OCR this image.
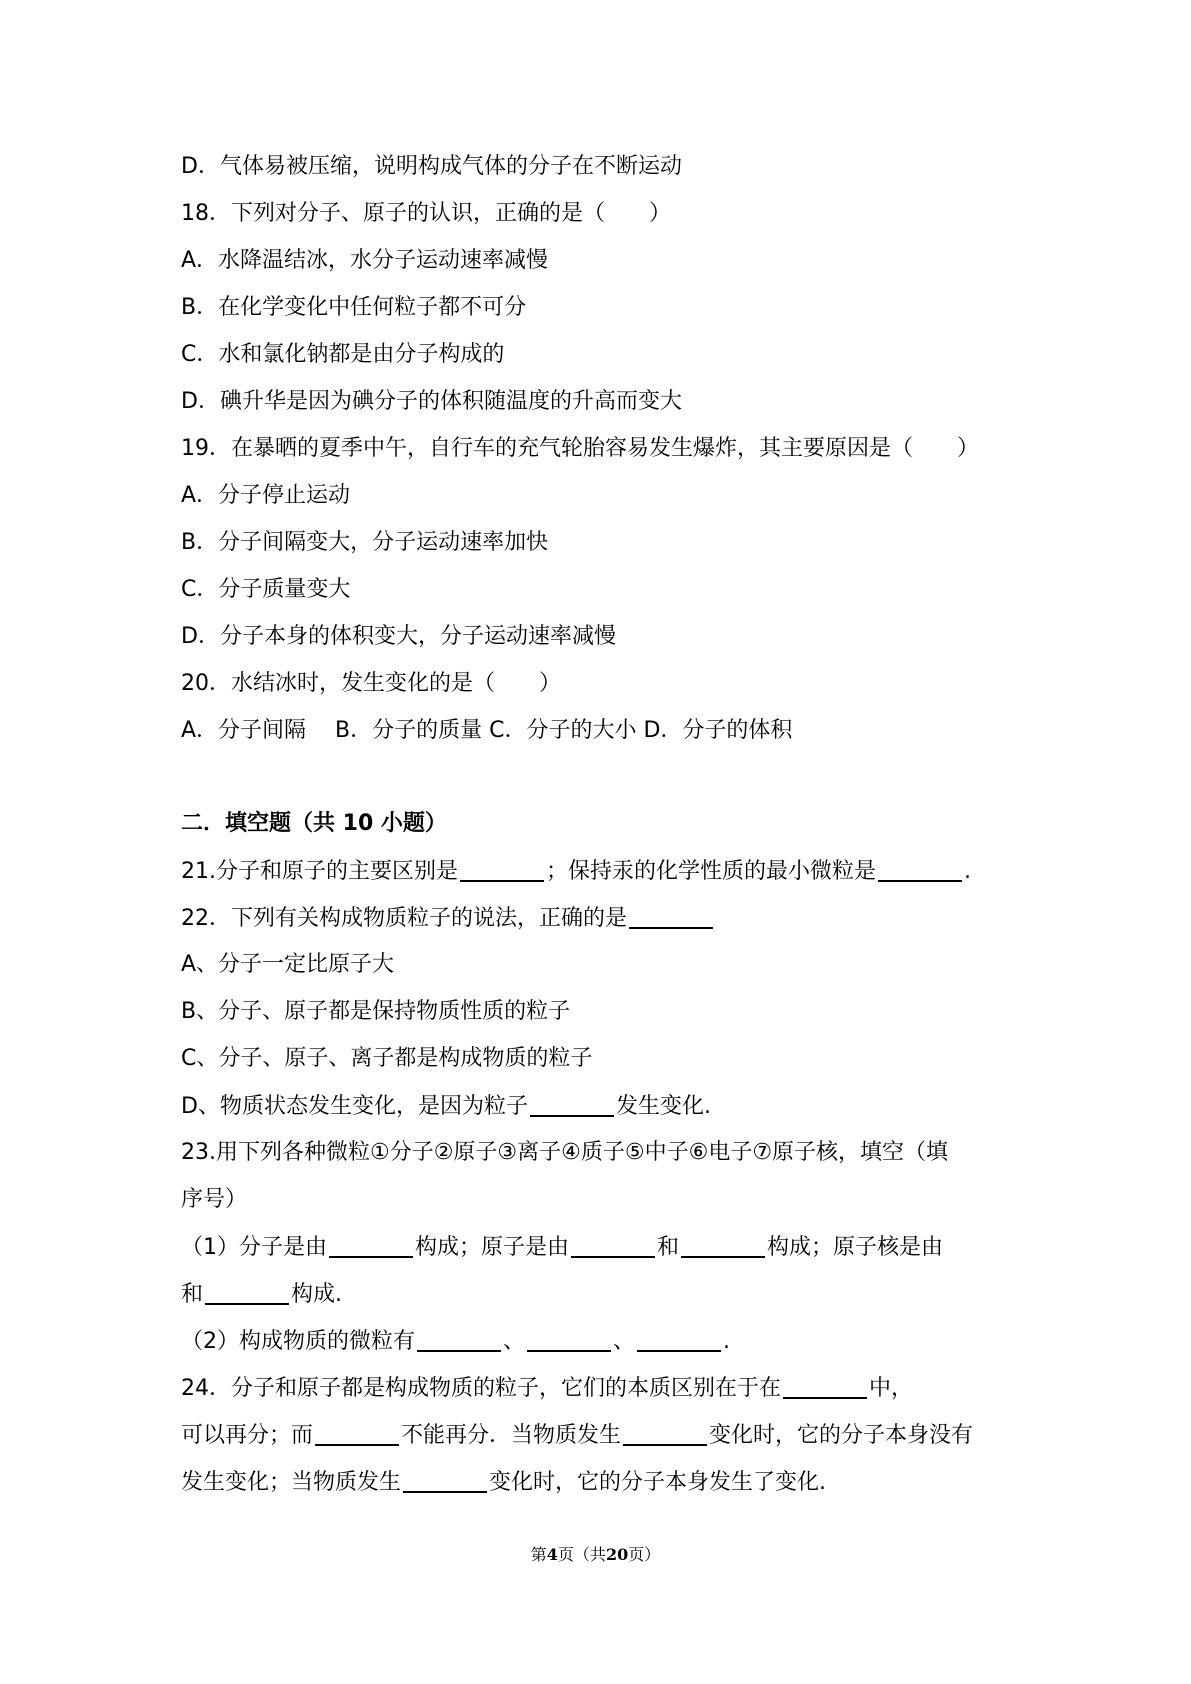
D．气体易被压缩，说明构成气体的分子在不断运动
18．下列对分子、原子的认识，正确的是（　　）
A．水降温结冰，水分子运动速率减慢
B．在化学变化中任何粒子都不可分
C．水和氯化钠都是由分子构成的
D．碘升华是因为碘分子的体积随温度的升高而变大
19．在暴晒的夏季中午，自行车的充气轮胎容易发生爆炸，其主要原因是（　　）
A．分子停止运动
B．分子间隔变大，分子运动速率加快
C．分子质量变大
D．分子本身的体积变大，分子运动速率减慢
20．水结冰时，发生变化的是（　　）
A．分子间隔　 B．分子的质量 C．分子的大小 D．分子的体积
二．填空题（共 10 小题）
21.分子和原子的主要区别是	；保持汞的化学性质的最小微粒是	.
22．下列有关构成物质粒子的说法，正确的是
A、分子一定比原子大
B、分子、原子都是保持物质性质的粒子
C、分子、原子、离子都是构成物质的粒子
D、物质状态发生变化，是因为粒子	发生变化.
23.用下列各种微粒①分子②原子③离子④质子⑤中子⑥电子⑦原子核，填空（填
序号）
（1）分子是由	构成；原子是由	和	构成；原子核是由
和	构成.
（2）构成物质的微粒有	、	、	.
24．分子和原子都是构成物质的粒子，它们的本质区别在于在	中，
可以再分；而	不能再分．当物质发生	变化时，它的分子本身没有
发生变化；当物质发生	变化时，它的分子本身发生了变化.
第4页（共20页）
